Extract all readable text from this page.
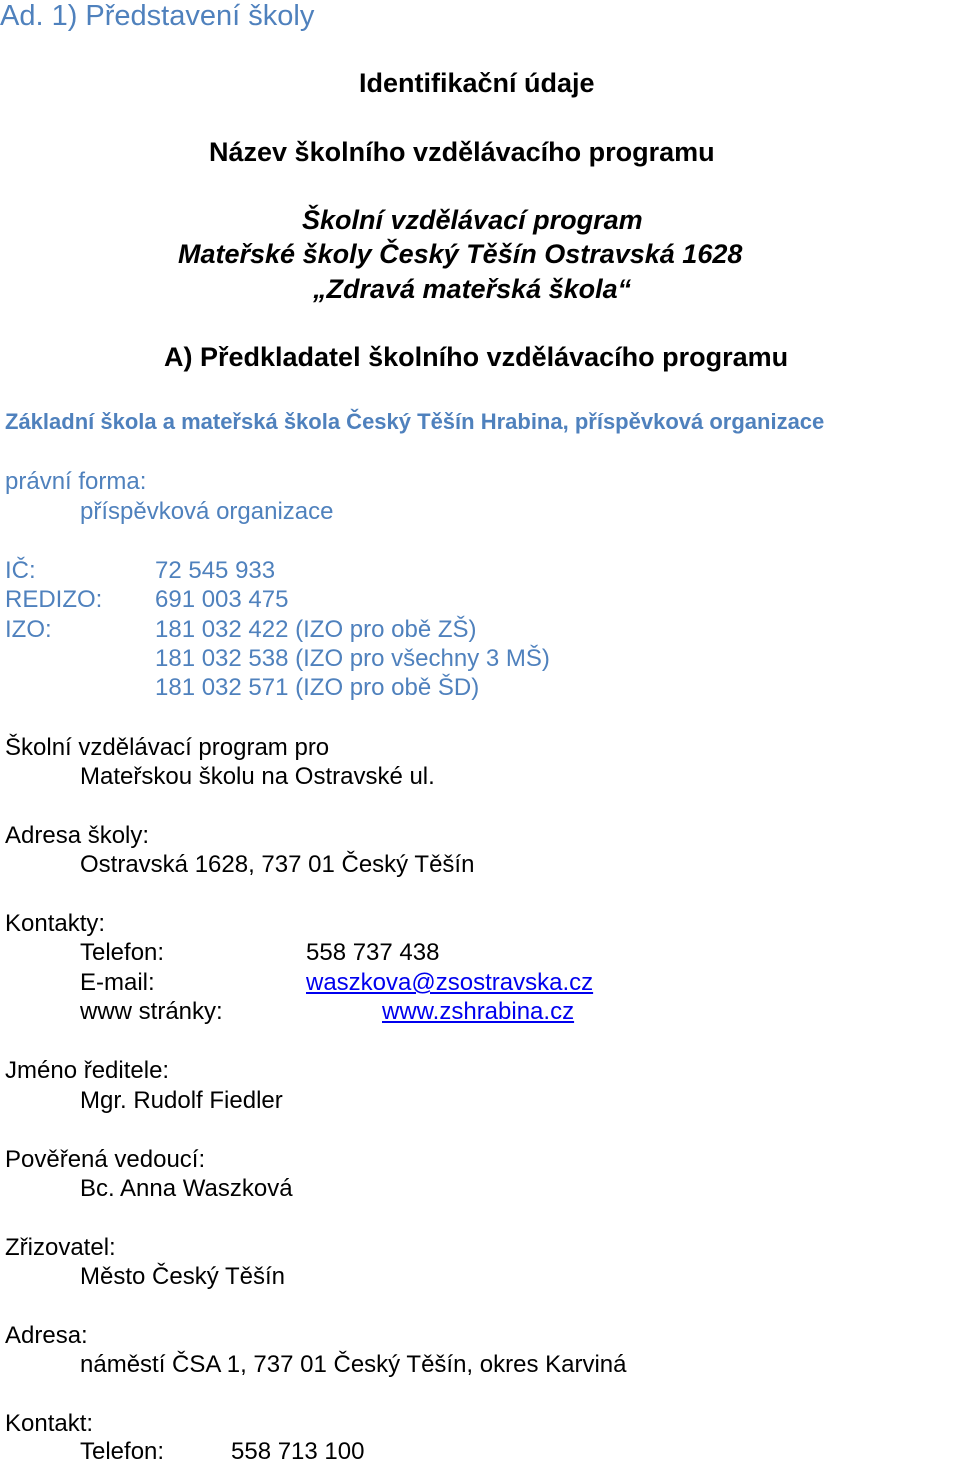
Ad. 1) Představení školy
Identifikační údaje
Název školního vzdělávacího programu
Školní vzdělávací program
Mateřské školy Český Těšín Ostravská 1628
„Zdravá mateřská škola“
A) Předkladatel školního vzdělávacího programu
Základní škola a mateřská škola Český Těšín Hrabina, příspěvková organizace
právní forma:
příspěvková organizace
IČ:	72 545 933
REDIZO: 691 003 475
IZO:	181 032 422 (IZO pro obě ZŠ)
181 032 538 (IZO pro všechny 3 MŠ)
181 032 571 (IZO pro obě ŠD)
Školní vzdělávací program pro
Mateřskou školu na Ostravské ul.
Adresa školy:
Ostravská 1628, 737 01 Český Těšín
Kontakty:
Telefon:	558 737 438
E-mail:	waszkova@zsostravska.cz
www stránky:	www.zshrabina.cz
Jméno ředitele:
Mgr. Rudolf Fiedler
Pověřená vedoucí:
Bc. Anna Waszková
Zřizovatel:
Město Český Těšín
Adresa:
náměstí ČSA 1, 737 01 Český Těšín, okres Karviná
Kontakt:
Telefon:	558 713 100
